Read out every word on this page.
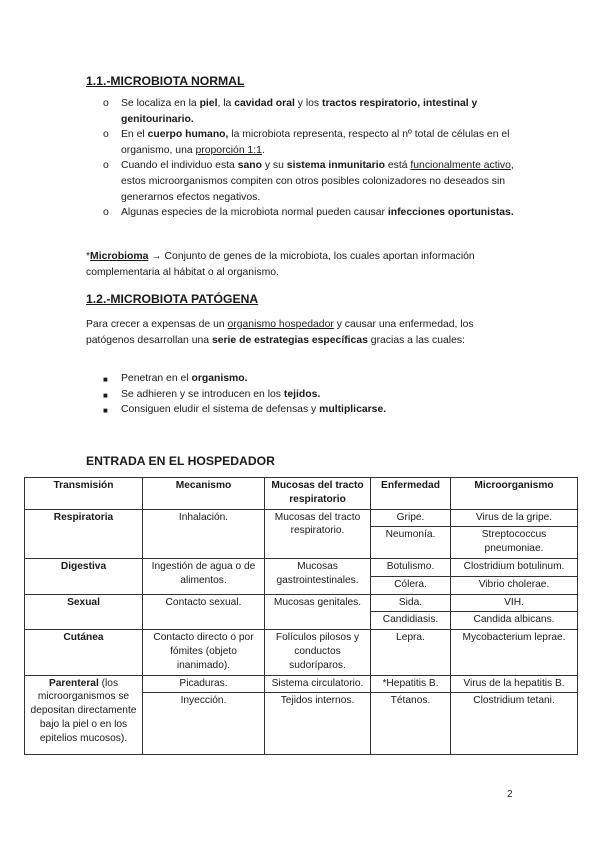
1.1.-MICROBIOTA NORMAL
o Se localiza en la piel, la cavidad oral y los tractos respiratorio, intestinal y genitourinario.
o En el cuerpo humano, la microbiota representa, respecto al nº total de células en el organismo, una proporción 1:1.
o Cuando el individuo esta sano y su sistema inmunitario está funcionalmente activo, estos microorganismos compiten con otros posibles colonizadores no deseados sin generarnos efectos negativos.
o Algunas especies de la microbiota normal pueden causar infecciones oportunistas.
*Microbioma → Conjunto de genes de la microbiota, los cuales aportan información complementaria al hábitat o al organismo.
1.2.-MICROBIOTA PATÓGENA
Para crecer a expensas de un organismo hospedador y causar una enfermedad, los patógenos desarrollan una serie de estrategias específicas gracias a las cuales:
■ Penetran en el organismo.
■ Se adhieren y se introducen en los tejidos.
■ Consiguen eludir el sistema de defensas y multiplicarse.
ENTRADA EN EL HOSPEDADOR
Transmisión	Mecanismo	Mucosas del tracto respiratorio	Enfermedad	Microorganismo
Respiratoria	Inhalación.	Mucosas del tracto respiratorio.	Gripe.	Virus de la gripe.
			Neumonía.	Streptococcus pneumoniae.
Digestiva	Ingestión de agua o de alimentos.	Mucosas gastrointestinales.	Botulismo.	Clostridium botulinum.
			Cólera.	Vibrio cholerae.
Sexual	Contacto sexual.	Mucosas genitales.	Sida.	VIH.
			Candidiasis.	Candida albicans.
Cutánea	Contacto directo o por fómites (objeto inanimado).	Folículos pilosos y conductos sudoríparos.	Lepra.	Mycobacterium leprae.
Parenteral (los microorganismos se depositan directamente bajo la piel o en los epitelios mucosos).	Picaduras.	Sistema circulatorio.	*Hepatitis B.	Virus de la hepatitis B.
	Inyección.	Tejidos internos.	Tétanos.	Clostridium tetani.
2
